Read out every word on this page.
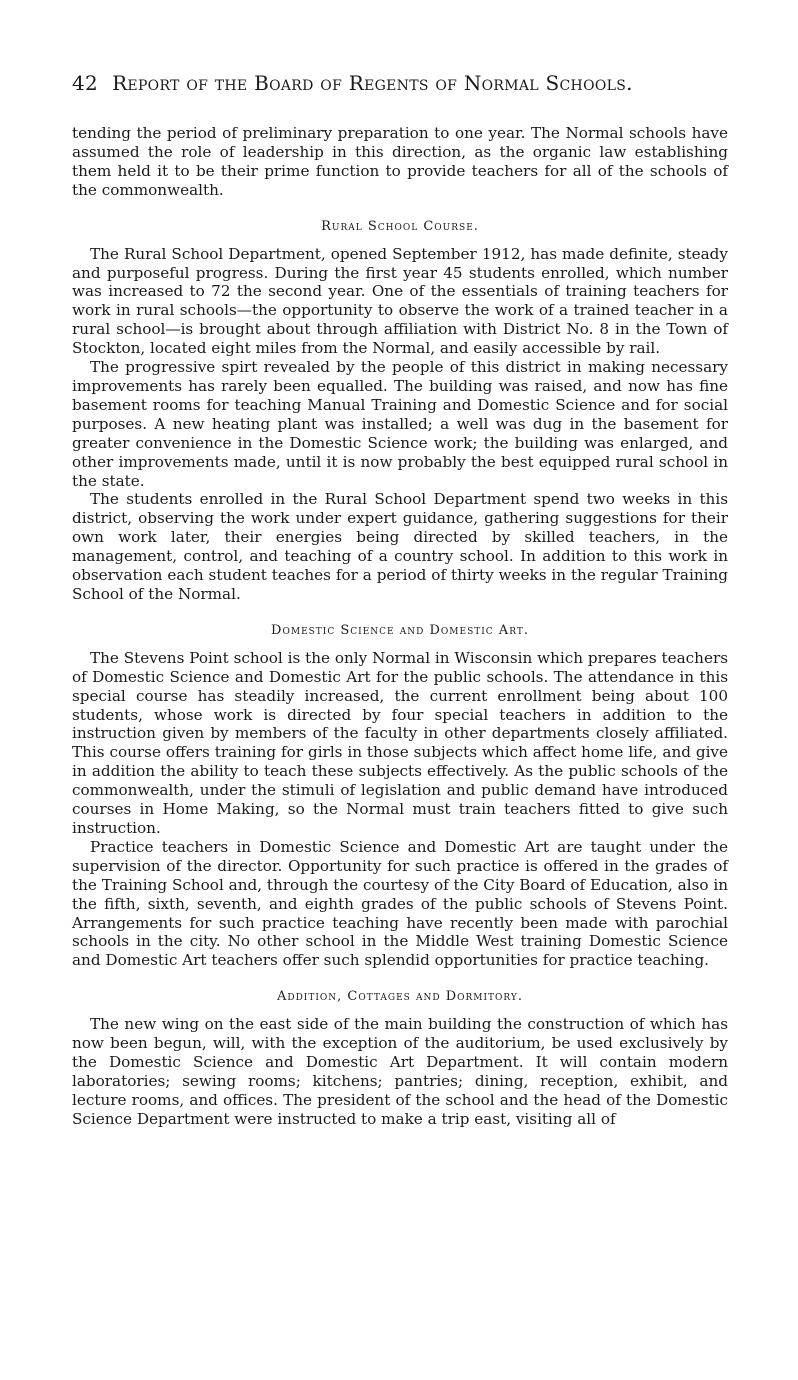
42 Report of the Board of Regents of Normal Schools.

tending the period of preliminary preparation to one year. The Normal schools have assumed the role of leadership in this direction, as the organic law establishing them held it to be their prime function to provide teachers for all of the schools of the commonwealth.

Rural School Course.

The Rural School Department, opened September 1912, has made definite, steady and purposeful progress. During the first year 45 students enrolled, which number was increased to 72 the second year. One of the essentials of training teachers for work in rural schools—the opportunity to observe the work of a trained teacher in a rural school—is brought about through affiliation with District No. 8 in the Town of Stockton, located eight miles from the Normal, and easily accessible by rail.

The progressive spirt revealed by the people of this district in making necessary improvements has rarely been equalled. The building was raised, and now has fine basement rooms for teaching Manual Training and Domestic Science and for social purposes. A new heating plant was installed; a well was dug in the basement for greater convenience in the Domestic Science work; the building was enlarged, and other improvements made, until it is now probably the best equipped rural school in the state.

The students enrolled in the Rural School Department spend two weeks in this district, observing the work under expert guidance, gathering suggestions for their own work later, their energies being directed by skilled teachers, in the management, control, and teaching of a country school. In addition to this work in observation each student teaches for a period of thirty weeks in the regular Training School of the Normal.

Domestic Science and Domestic Art.

The Stevens Point school is the only Normal in Wisconsin which prepares teachers of Domestic Science and Domestic Art for the public schools. The attendance in this special course has steadily increased, the current enrollment being about 100 students, whose work is directed by four special teachers in addition to the instruction given by members of the faculty in other departments closely affiliated. This course offers training for girls in those subjects which affect home life, and give in addition the ability to teach these subjects effectively. As the public schools of the commonwealth, under the stimuli of legislation and public demand have introduced courses in Home Making, so the Normal must train teachers fitted to give such instruction.

Practice teachers in Domestic Science and Domestic Art are taught under the supervision of the director. Opportunity for such practice is offered in the grades of the Training School and, through the courtesy of the City Board of Education, also in the fifth, sixth, seventh, and eighth grades of the public schools of Stevens Point. Arrangements for such practice teaching have recently been made with parochial schools in the city. No other school in the Middle West training Domestic Science and Domestic Art teachers offer such splendid opportunities for practice teaching.

Addition, Cottages and Dormitory.

The new wing on the east side of the main building the construction of which has now been begun, will, with the exception of the auditorium, be used exclusively by the Domestic Science and Domestic Art Department. It will contain modern laboratories; sewing rooms; kitchens; pantries; dining, reception, exhibit, and lecture rooms, and offices. The president of the school and the head of the Domestic Science Department were instructed to make a trip east, visiting all of
